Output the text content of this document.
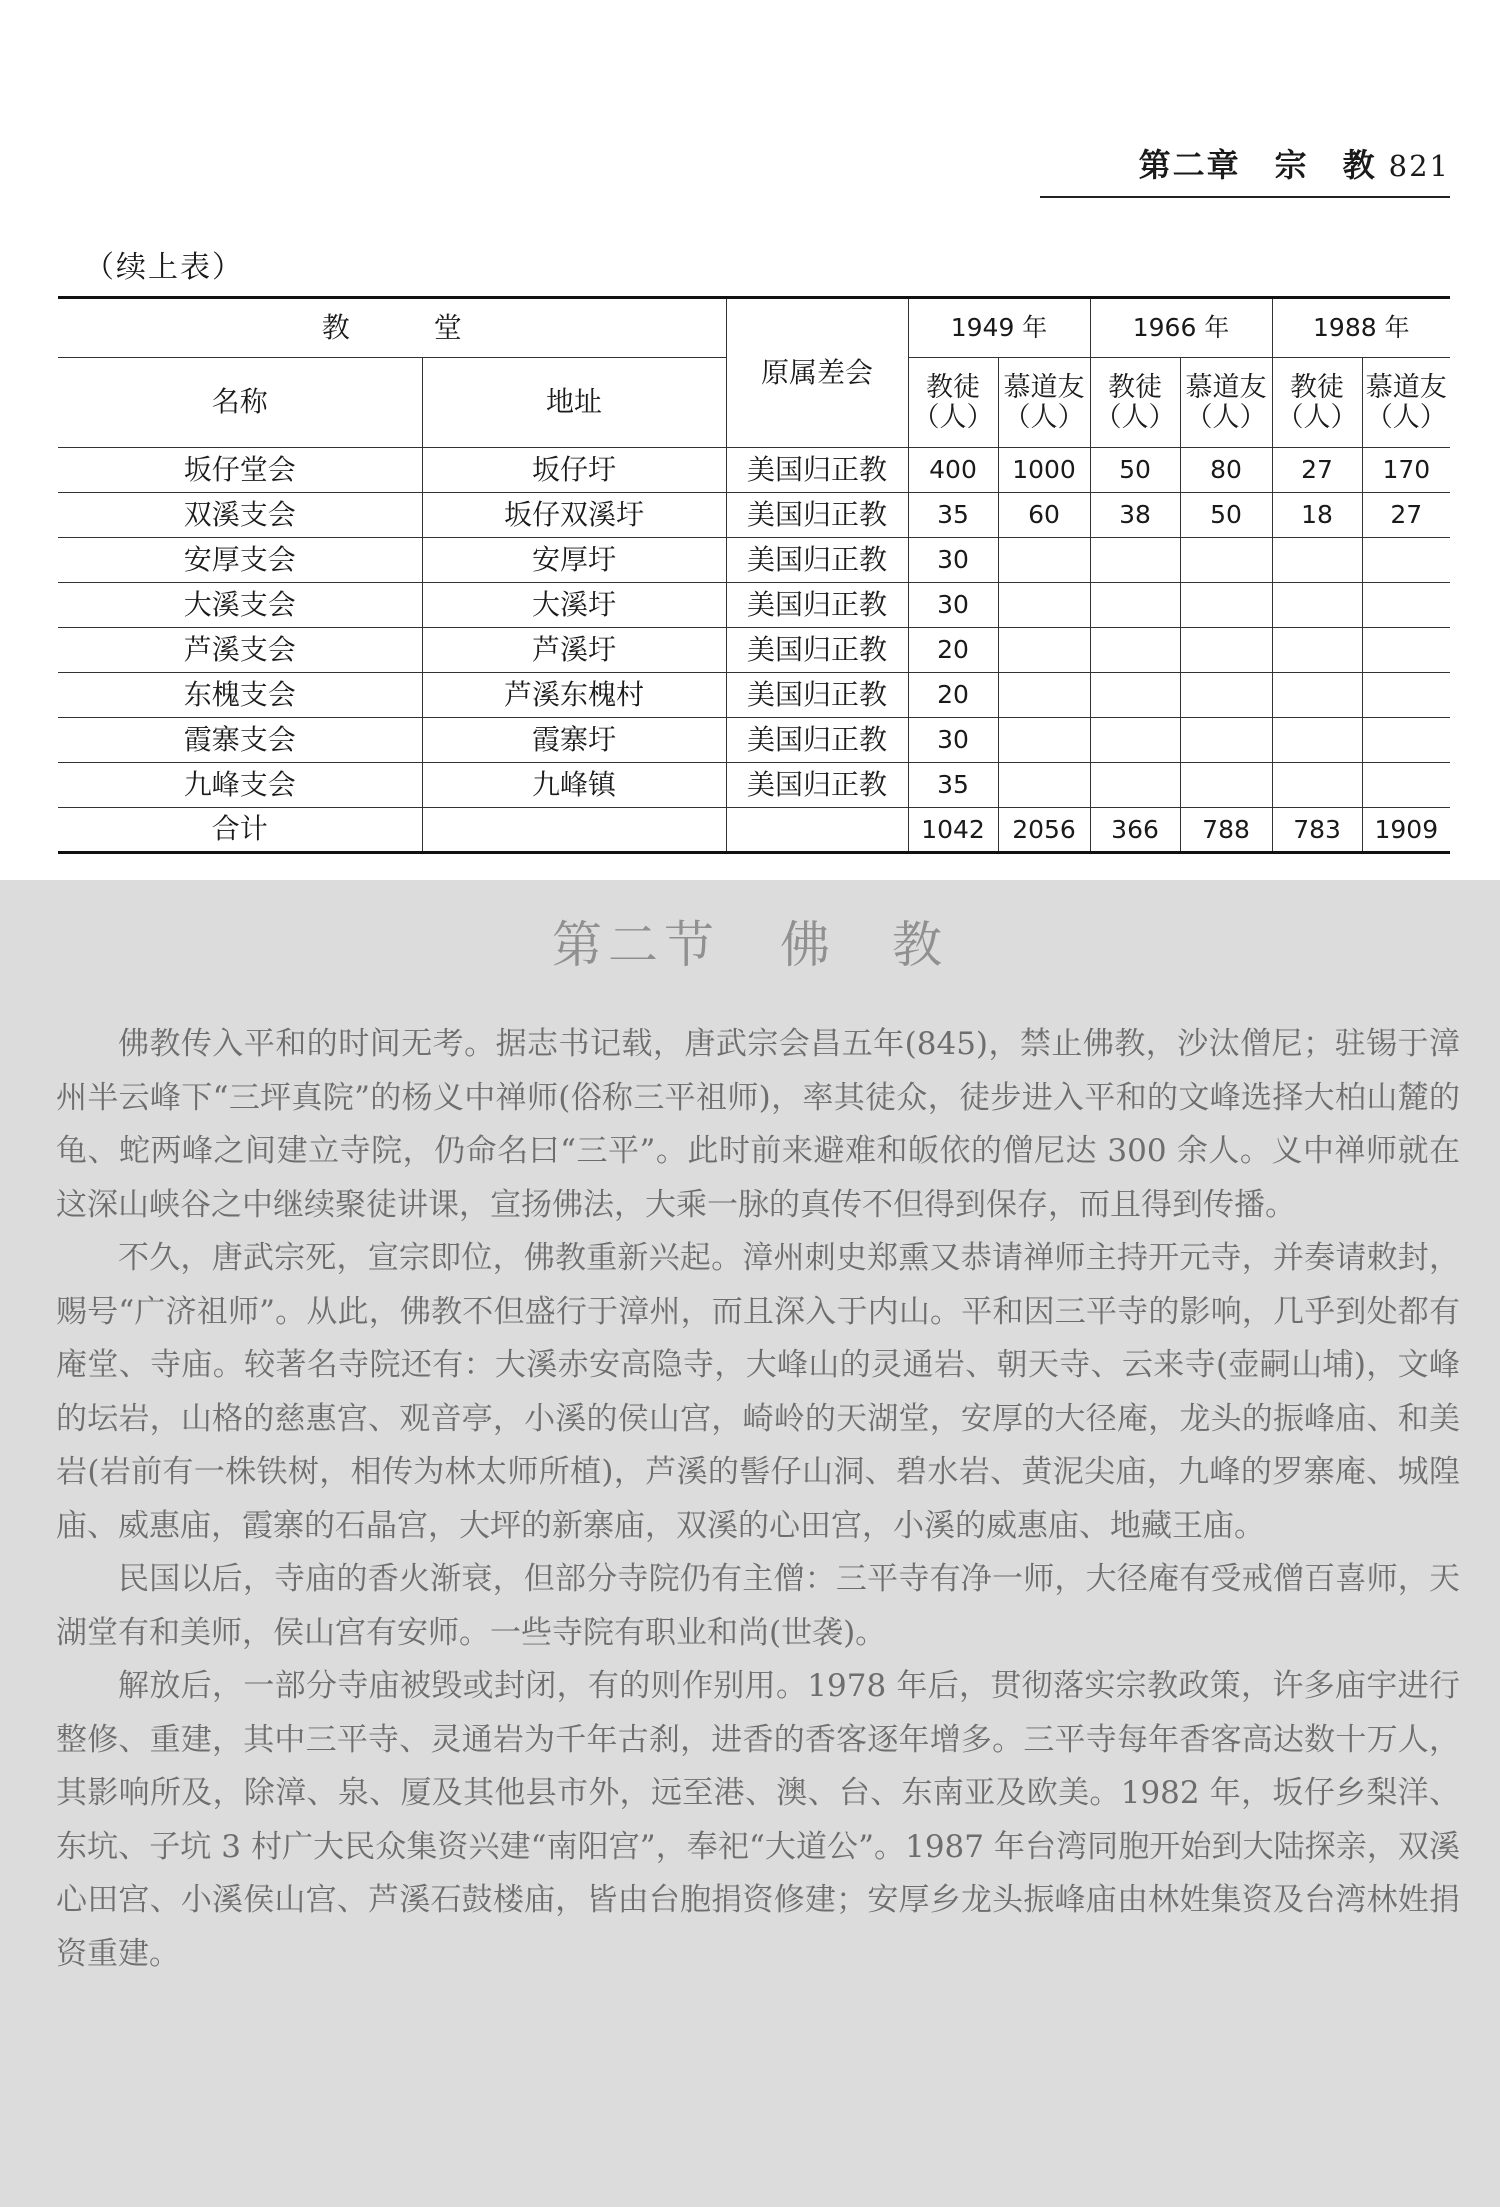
第二章　宗　教 821
（续上表）
教　　　堂		原属差会	1949 年		1966 年		1988 年	
名称	地址		教徒（人）	慕道友（人）	教徒（人）	慕道友（人）	教徒（人）	慕道友（人）
坂仔堂会	坂仔圩	美国归正教	400	1000	50	80	27	170
双溪支会	坂仔双溪圩	美国归正教	35	60	38	50	18	27
安厚支会	安厚圩	美国归正教	30					
大溪支会	大溪圩	美国归正教	30					
芦溪支会	芦溪圩	美国归正教	20					
东槐支会	芦溪东槐村	美国归正教	20					
霞寨支会	霞寨圩	美国归正教	30					
九峰支会	九峰镇	美国归正教	35					
合计			1042	2056	366	788	783	1909
第二节 佛　教

佛教传入平和的时间无考。据志书记载，唐武宗会昌五年(845)，禁止佛教，沙汰僧尼；驻锡于漳州半云峰下“三坪真院”的杨义中禅师(俗称三平祖师)，率其徒众，徒步进入平和的文峰选择大柏山麓的龟、蛇两峰之间建立寺院，仍命名曰“三平”。此时前来避难和皈依的僧尼达 300 余人。义中禅师就在这深山峡谷之中继续聚徒讲课，宣扬佛法，大乘一脉的真传不但得到保存，而且得到传播。

不久，唐武宗死，宣宗即位，佛教重新兴起。漳州刺史郑熏又恭请禅师主持开元寺，并奏请敕封，赐号“广济祖师”。从此，佛教不但盛行于漳州，而且深入于内山。平和因三平寺的影响，几乎到处都有庵堂、寺庙。较著名寺院还有：大溪赤安高隐寺，大峰山的灵通岩、朝天寺、云来寺(壶嗣山埔)，文峰的坛岩，山格的慈惠宫、观音亭，小溪的侯山宫，崎岭的天湖堂，安厚的大径庵，龙头的振峰庙、和美岩(岩前有一株铁树，相传为林太师所植)，芦溪的髻仔山洞、碧水岩、黄泥尖庙，九峰的罗寨庵、城隍庙、威惠庙，霞寨的石晶宫，大坪的新寨庙，双溪的心田宫，小溪的威惠庙、地藏王庙。

民国以后，寺庙的香火渐衰，但部分寺院仍有主僧：三平寺有净一师，大径庵有受戒僧百喜师，天湖堂有和美师，侯山宫有安师。一些寺院有职业和尚(世袭)。

解放后，一部分寺庙被毁或封闭，有的则作别用。1978 年后，贯彻落实宗教政策，许多庙宇进行整修、重建，其中三平寺、灵通岩为千年古刹，进香的香客逐年增多。三平寺每年香客高达数十万人，其影响所及，除漳、泉、厦及其他县市外，远至港、澳、台、东南亚及欧美。1982 年，坂仔乡梨洋、东坑、子坑 3 村广大民众集资兴建“南阳宫”，奉祀“大道公”。1987 年台湾同胞开始到大陆探亲，双溪心田宫、小溪侯山宫、芦溪石鼓楼庙，皆由台胞捐资修建；安厚乡龙头振峰庙由林姓集资及台湾林姓捐资重建。
